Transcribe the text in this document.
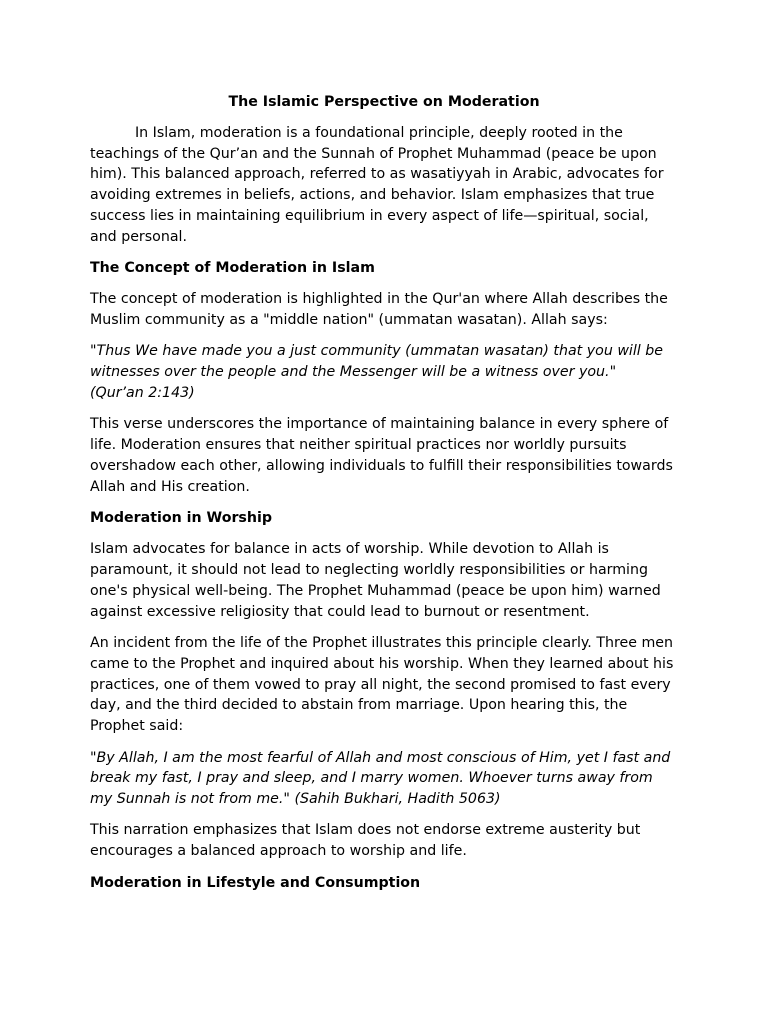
The Islamic Perspective on Moderation

In Islam, moderation is a foundational principle, deeply rooted in the teachings of the Qur’an and the Sunnah of Prophet Muhammad (peace be upon him). This balanced approach, referred to as wasatiyyah in Arabic, advocates for avoiding extremes in beliefs, actions, and behavior. Islam emphasizes that true success lies in maintaining equilibrium in every aspect of life—spiritual, social, and personal.

The Concept of Moderation in Islam

The concept of moderation is highlighted in the Qur'an where Allah describes the Muslim community as a "middle nation" (ummatan wasatan). Allah says:

"Thus We have made you a just community (ummatan wasatan) that you will be witnesses over the people and the Messenger will be a witness over you."
(Qur’an 2:143)

This verse underscores the importance of maintaining balance in every sphere of life. Moderation ensures that neither spiritual practices nor worldly pursuits overshadow each other, allowing individuals to fulfill their responsibilities towards Allah and His creation.

Moderation in Worship

Islam advocates for balance in acts of worship. While devotion to Allah is paramount, it should not lead to neglecting worldly responsibilities or harming one's physical well-being. The Prophet Muhammad (peace be upon him) warned against excessive religiosity that could lead to burnout or resentment.

An incident from the life of the Prophet illustrates this principle clearly. Three men came to the Prophet and inquired about his worship. When they learned about his practices, one of them vowed to pray all night, the second promised to fast every day, and the third decided to abstain from marriage. Upon hearing this, the Prophet said:

"By Allah, I am the most fearful of Allah and most conscious of Him, yet I fast and break my fast, I pray and sleep, and I marry women. Whoever turns away from my Sunnah is not from me." (Sahih Bukhari, Hadith 5063)

This narration emphasizes that Islam does not endorse extreme austerity but encourages a balanced approach to worship and life.

Moderation in Lifestyle and Consumption
